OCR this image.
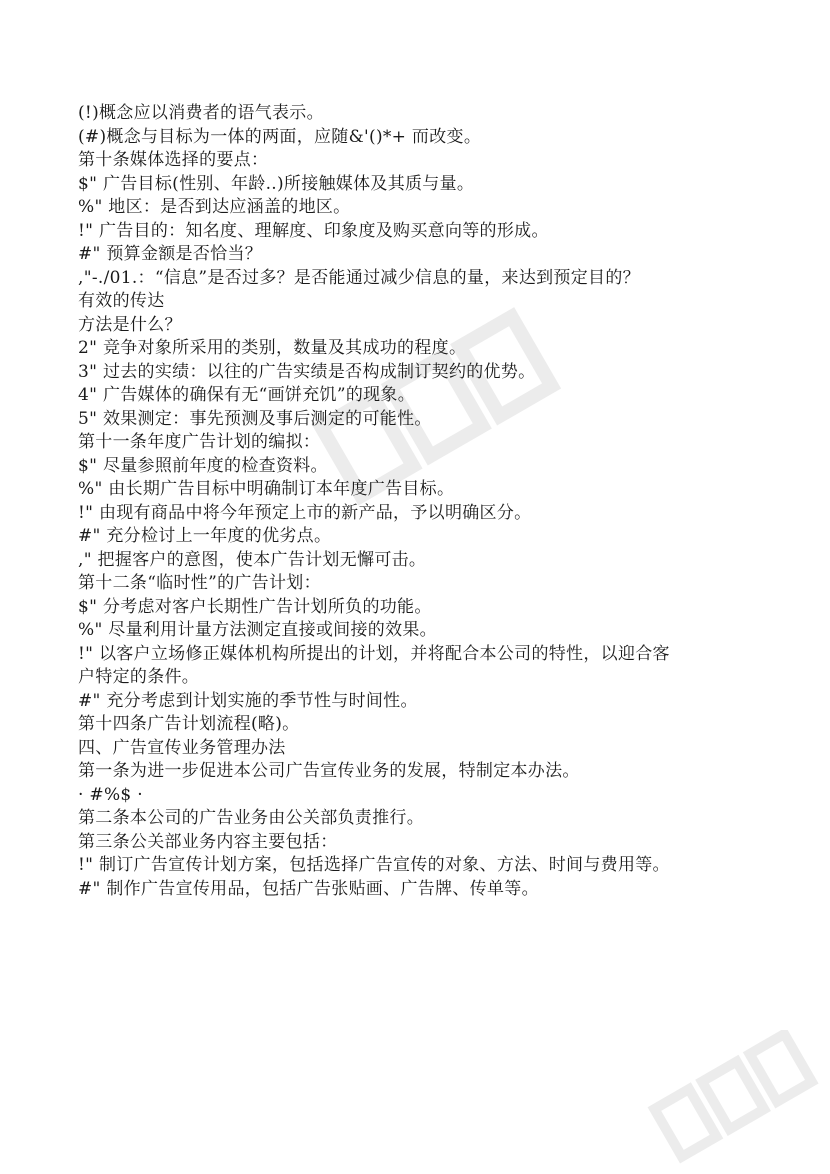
(!)概念应以消费者的语气表示。

(#)概念与目标为一体的两面，应随&'()*+ 而改变。

第十条媒体选择的要点：

$" 广告目标(性别、年龄..)所接触媒体及其质与量。

%" 地区：是否到达应涵盖的地区。

!" 广告目的：知名度、理解度、印象度及购买意向等的形成。

#" 预算金额是否恰当？

,"-./01.：“信息”是否过多？是否能通过减少信息的量，来达到预定目的？

有效的传达

方法是什么？

2" 竞争对象所采用的类别，数量及其成功的程度。

3" 过去的实绩：以往的广告实绩是否构成制订契约的优势。

4" 广告媒体的确保有无“画饼充饥”的现象。

5" 效果测定：事先预测及事后测定的可能性。

第十一条年度广告计划的编拟：

$" 尽量参照前年度的检查资料。

%" 由长期广告目标中明确制订本年度广告目标。

!" 由现有商品中将今年预定上市的新产品，予以明确区分。

#" 充分检讨上一年度的优劣点。

," 把握客户的意图，使本广告计划无懈可击。

第十二条“临时性”的广告计划：

$" 分考虑对客户长期性广告计划所负的功能。

%" 尽量利用计量方法测定直接或间接的效果。

!" 以客户立场修正媒体机构所提出的计划，并将配合本公司的特性，以迎合客

户特定的条件。

#" 充分考虑到计划实施的季节性与时间性。

第十四条广告计划流程(略)。

四、广告宣传业务管理办法

第一条为进一步促进本公司广告宣传业务的发展，特制定本办法。

· #%$ ·

第二条本公司的广告业务由公关部负责推行。

第三条公关部业务内容主要包括：

!" 制订广告宣传计划方案，包括选择广告宣传的对象、方法、时间与费用等。

#" 制作广告宣传用品，包括广告张贴画、广告牌、传单等。
